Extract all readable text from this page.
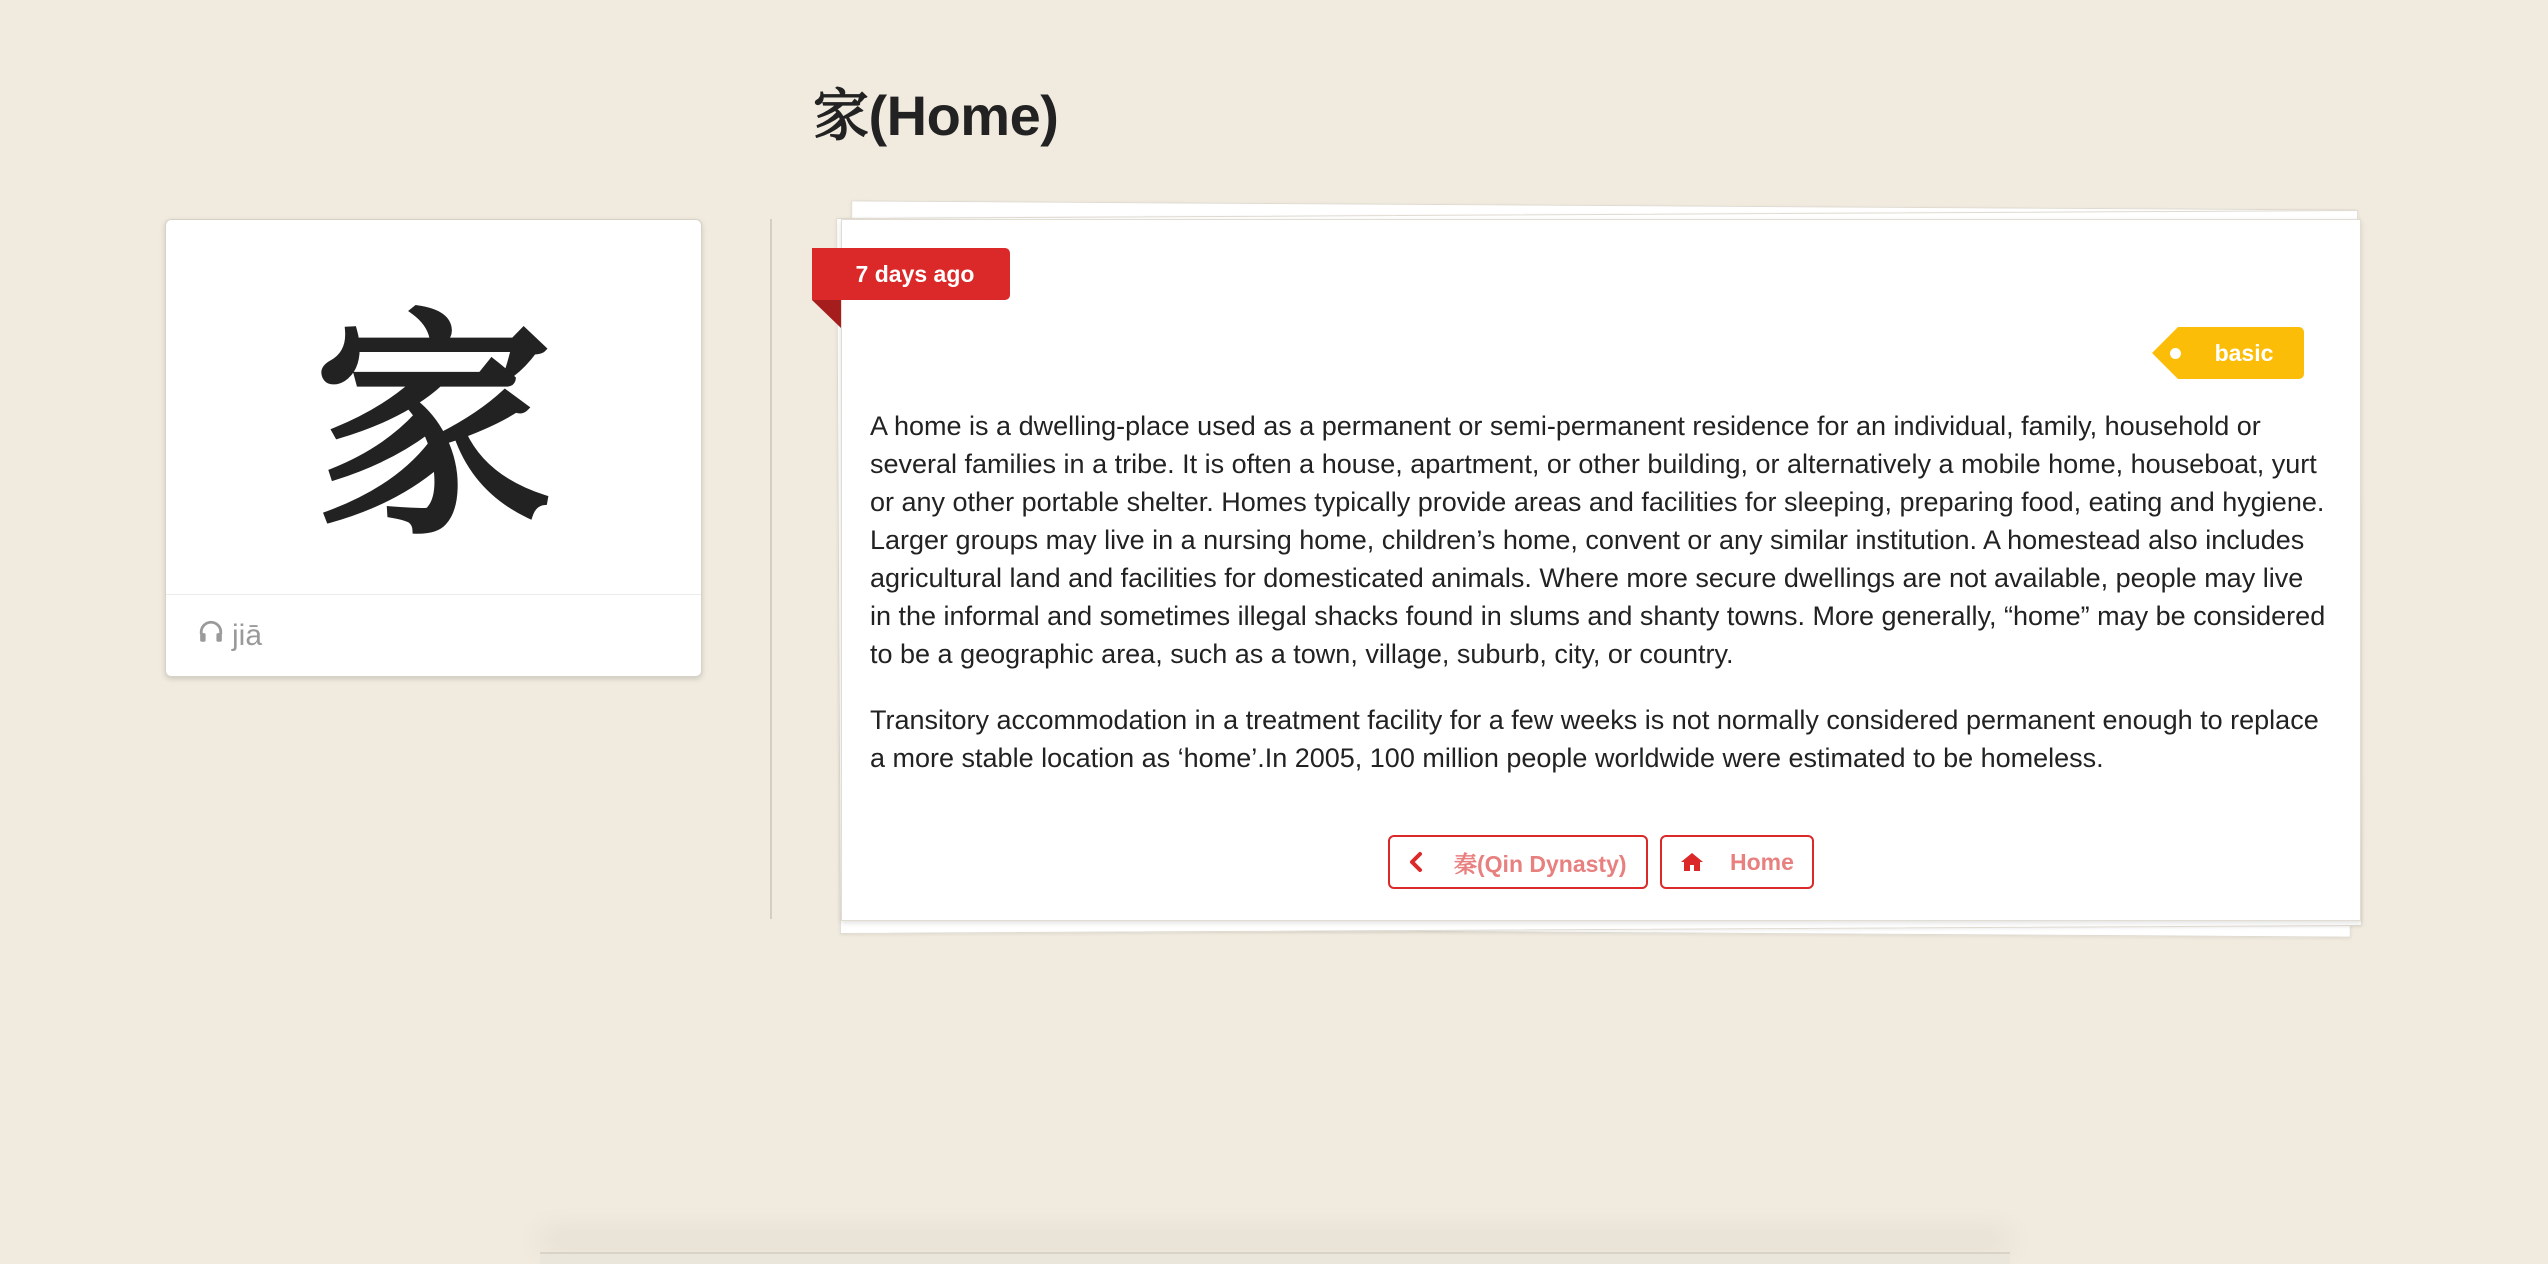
家(Home)
家
jiā
7 days ago
basic

A home is a dwelling-place used as a permanent or semi-permanent residence for an individual, family, household or several families in a tribe. It is often a house, apartment, or other building, or alternatively a mobile home, houseboat, yurt or any other portable shelter. Homes typically provide areas and facilities for sleeping, preparing food, eating and hygiene. Larger groups may live in a nursing home, children’s home, convent or any similar institution. A homestead also includes agricultural land and facilities for domesticated animals. Where more secure dwellings are not available, people may live in the informal and sometimes illegal shacks found in slums and shanty towns. More generally, “home” may be considered to be a geographic area, such as a town, village, suburb, city, or country.

Transitory accommodation in a treatment facility for a few weeks is not normally considered permanent enough to replace a more stable location as ‘home’.In 2005, 100 million people worldwide were estimated to be homeless.

秦(Qin Dynasty)	Home
